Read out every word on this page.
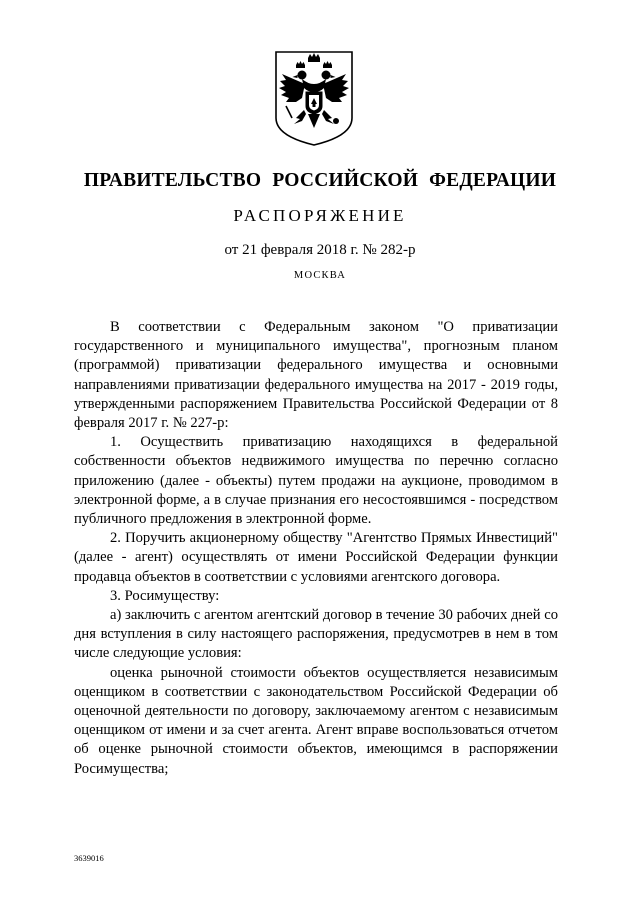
ПРАВИТЕЛЬСТВО РОССИЙСКОЙ ФЕДЕРАЦИИ
РАСПОРЯЖЕНИЕ
от 21 февраля 2018 г. № 282-р
МОСКВА

В соответствии с Федеральным законом "О приватизации государственного и муниципального имущества", прогнозным планом (программой) приватизации федерального имущества и основными направлениями приватизации федерального имущества на 2017 - 2019 годы, утвержденными распоряжением Правительства Российской Федерации от 8 февраля 2017 г. № 227-р:

1. Осуществить приватизацию находящихся в федеральной собственности объектов недвижимого имущества по перечню согласно приложению (далее - объекты) путем продажи на аукционе, проводимом в электронной форме, а в случае признания его несостоявшимся - посредством публичного предложения в электронной форме.

2. Поручить акционерному обществу "Агентство Прямых Инвестиций" (далее - агент) осуществлять от имени Российской Федерации функции продавца объектов в соответствии с условиями агентского договора.

3. Росимуществу:

а) заключить с агентом агентский договор в течение 30 рабочих дней со дня вступления в силу настоящего распоряжения, предусмотрев в нем в том числе следующие условия:

оценка рыночной стоимости объектов осуществляется независимым оценщиком в соответствии с законодательством Российской Федерации об оценочной деятельности по договору, заключаемому агентом с независимым оценщиком от имени и за счет агента. Агент вправе воспользоваться отчетом об оценке рыночной стоимости объектов, имеющимся в распоряжении Росимущества;

3639016
